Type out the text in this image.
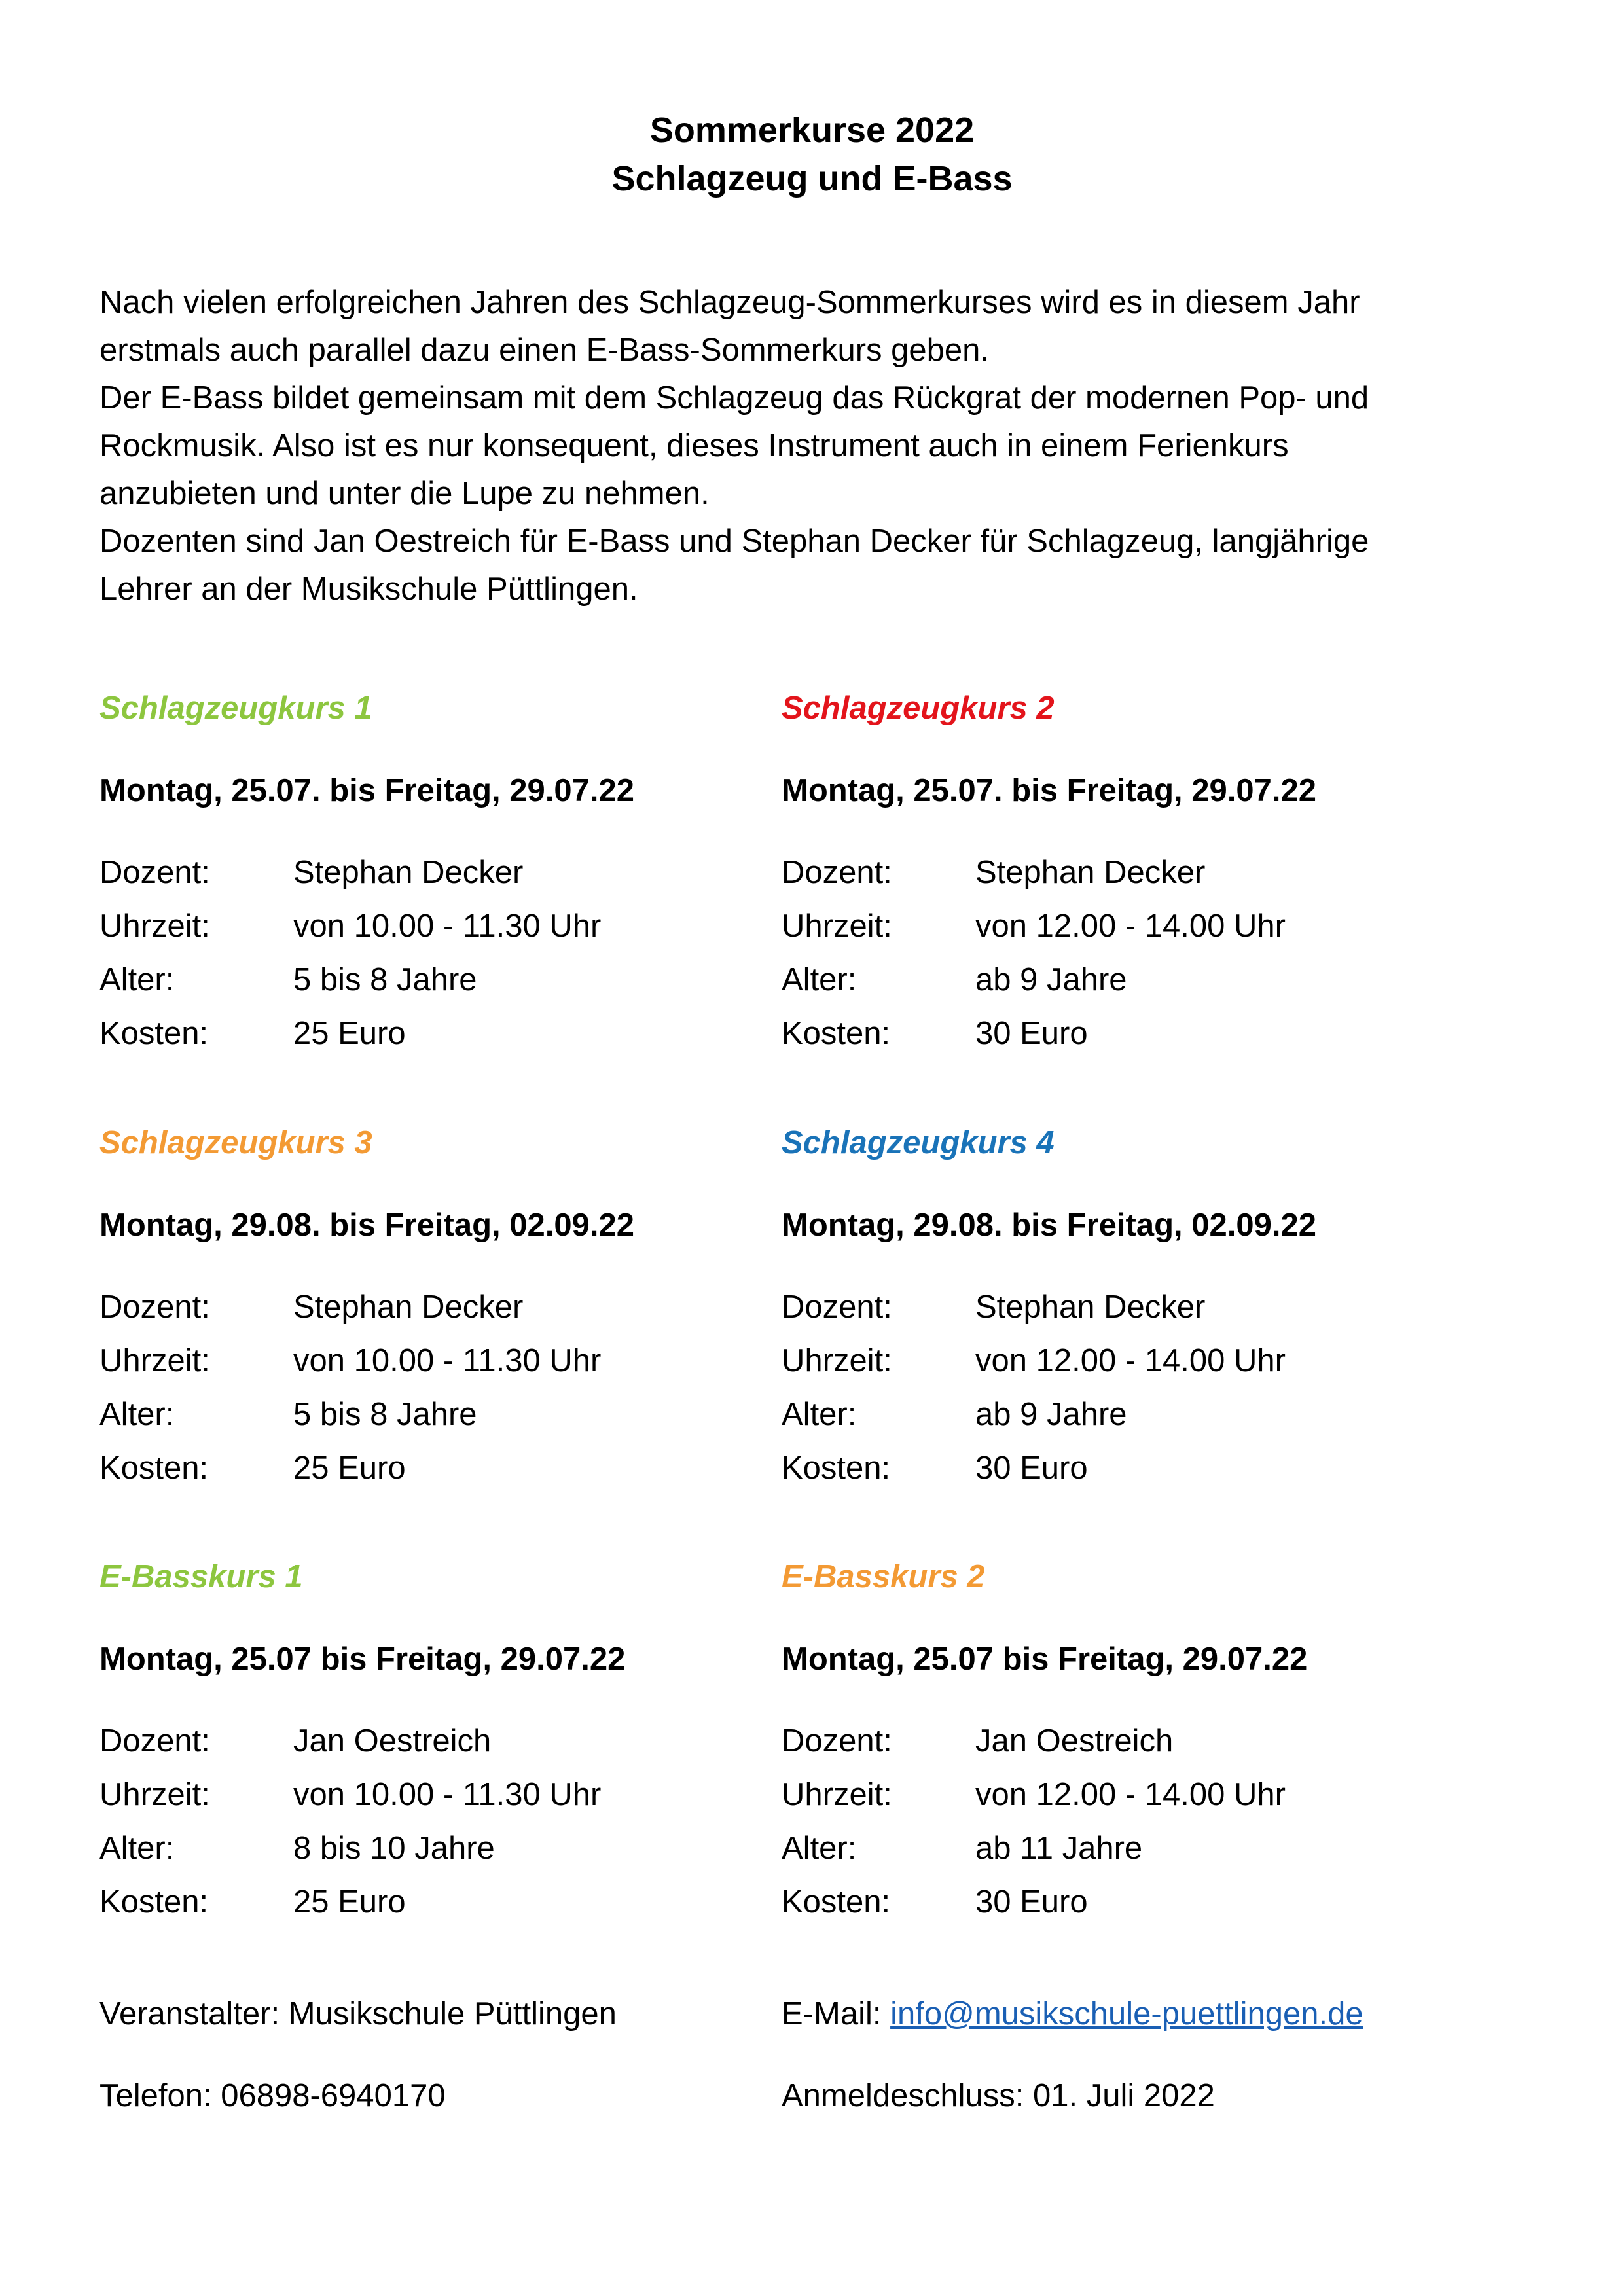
Sommerkurse 2022
Schlagzeug und E-Bass
Nach vielen erfolgreichen Jahren des Schlagzeug-Sommerkurses wird es in diesem Jahr
erstmals auch parallel dazu einen E-Bass-Sommerkurs geben.
Der E-Bass bildet gemeinsam mit dem Schlagzeug das Rückgrat der modernen Pop- und
Rockmusik. Also ist es nur konsequent, dieses Instrument auch in einem Ferienkurs
anzubieten und unter die Lupe zu nehmen.
Dozenten sind Jan Oestreich für E-Bass und Stephan Decker für Schlagzeug, langjährige
Lehrer an der Musikschule Püttlingen.
Schlagzeugkurs 1
Montag, 25.07. bis Freitag, 29.07.22
Dozent:	Stephan Decker
Uhrzeit:	von 10.00 - 11.30 Uhr
Alter:	5 bis 8 Jahre
Kosten:	25 Euro
Schlagzeugkurs 2
Montag, 25.07. bis Freitag, 29.07.22
Dozent:	Stephan Decker
Uhrzeit:	von 12.00 - 14.00 Uhr
Alter:	ab 9 Jahre
Kosten:	30 Euro
Schlagzeugkurs 3
Montag, 29.08. bis Freitag, 02.09.22
Dozent:	Stephan Decker
Uhrzeit:	von 10.00 - 11.30 Uhr
Alter:	5 bis 8 Jahre
Kosten:	25 Euro
Schlagzeugkurs 4
Montag, 29.08. bis Freitag, 02.09.22
Dozent:	Stephan Decker
Uhrzeit:	von 12.00 - 14.00 Uhr
Alter:	ab 9 Jahre
Kosten:	30 Euro
E-Basskurs 1
Montag, 25.07 bis Freitag, 29.07.22
Dozent:	Jan Oestreich
Uhrzeit:	von 10.00 - 11.30 Uhr
Alter:	8 bis 10 Jahre
Kosten:	25 Euro
E-Basskurs 2
Montag, 25.07 bis Freitag, 29.07.22
Dozent:	Jan Oestreich
Uhrzeit:	von 12.00 - 14.00 Uhr
Alter:	ab 11 Jahre
Kosten:	30 Euro
Veranstalter: Musikschule Püttlingen	E-Mail: info@musikschule-puettlingen.de
Telefon: 06898-6940170	Anmeldeschluss: 01. Juli 2022
